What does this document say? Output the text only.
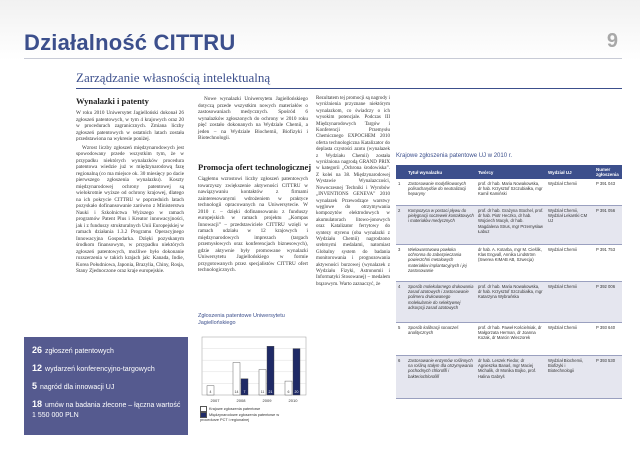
Działalność CITTRU	9
Zarządzanie własnością intelektualną
Wynalazki i patenty

W roku 2010 Uniwersytet Jagielloński dokonał 26 zgłoszeń patentowych, w tym 4 krajowych oraz 20 w procedurach zagranicznych. Zmiana liczby zgłoszeń patentowych w ostatnich latach została przedstawiona na wykresie poniżej.

Wzrost liczby zgłoszeń międzynarodowych jest spowodowany przede wszystkim tym, że w przypadku niektórych wynalazków procedura patentowa wiedzie już w międzynarodową fazę regionalną (co ma miejsce ok. 30 miesięcy po dacie pierwszego zgłoszenia wynalazku). Koszty międzynarodowej ochrony patentowej są wielokrotnie wyższe od ochrony krajowej, dlatego na ich pokrycie CITTRU w poprzednich latach pozyskało dofinansowanie zarówno z Ministerstwa Nauki i Szkolnictwa Wyższego w ramach programów Patent Plus i Kreator innowacyjności, jak i z funduszy strukturalnych Unii Europejskiej w ramach działania 1.3.2 Programu Operacyjnego Innowacyjna Gospodarka. Dzięki pozyskanym środkom finansowym, w przypadku niektórych zgłoszeń patentowych, możliwe było dokonanie rozszerzenia w takich krajach jak: Kanada, Indie, Korea Południowa, Japonia, Brazylia, Chiny, Rosja, Stany Zjednoczone oraz kraje europejskie.

Nowe wynalazki Uniwersytetu Jagiellońskiego dotyczą przede wszystkim nowych materiałów o zastosowaniach medycznych. Spośród 6 wynalazków zgłoszonych do ochrony w 2010 roku pięć zostało dokonanych na Wydziale Chemii, a jeden – na Wydziale Biochemii, Biofizyki i Biotechnologii.
Promocja ofert technologicznej
Ciągłemu wzrostowi liczby zgłoszeń patentowych towarzyszy zwiększenie aktywności CITTRU w nawiązywaniu kontaktów z firmami zainteresowanymi wdrożeniem w praktyce technologii opracowanych na Uniwersytecie. W 2010 r. – dzięki dofinansowaniu z funduszy europejskich w ramach projektu „Kompas Innowacji” – przedstawiciele CITTRU wzięli w ramach udziału w 12 krajowych i międzynarodowych imprezach (targach przemysłowych oraz konferencjach biznesowych), gdzie aktywnie były promowane wynalazki Uniwersytetu Jagiellońskiego w formie przygotowanych przez specjalistów CITTRU ofert technologicznych.
Rezultatem tej promocji są nagrody i wyróżnienia przyznane niektórym wynalazkom, co świadczy o ich wysokim potencjale. Podczas III Międzynarodowych Targów i Konferencji Przemysłu Chemicznego EXPOCHEM 2010 oferta technologiczna Katalizator do deplasta czystości azotu (wynalazek z Wydziału Chemii) została wyróżniona nagrodą GRAND PRIX w kategorii „Ochrona środowiska”. Z kolei na 38. Międzynarodowej Wystawie Wynalazczości, Nowoczesnej Techniki i Wyrobów „INVENTIONS GENEVA” 2010 wynalazek Przewodzące warstwy węglowe do otrzymywania kompozytów elektrodowych w akumulatorach litowo-jonowych oraz Katalizator ferrytowy do syntezy styrenu (oba wynalazki z Wydziału Chemii) nagrodzono srebrnymi medalami, natomiast Globalny system do badania monitorowania i prognozowania aktywności burzowej (wynalazek z Wydziału Fizyki, Astronomii i Informatyki Stosowanej) – medalem brązowym. Warto zaznaczyć, że
26 zgłoszeń patentowych
12 wydarzeń konferencyjno-targowych
5 nagród dla innowacji UJ
18 umów na badania zlecone – łączna wartość 1 550 000 PLN
Zgłoszenia patentowe Uniwersytetu Jagiellońskiego
4 0
2007
14 7
2008
11 21
2009
6 20
2010
Krajowe zgłoszenia patentowe
Międzynarodowe zgłoszenia patentowe w procedurze PCT i regionalnej
Krajowe zgłoszenia patentowe UJ w 2010 r.
	Tytuł wynalazku	Twórcy	Wydział UJ	Numer zgłoszenia
1	Zastosowanie modyfikowanych polisacharydów do neutralizacji heparyny	prof. dr hab. Maria Nowakowska, dr hab. Krzysztof Szczubiałka, mgr Kamil Kamiński	Wydział Chemii	P 391 043
2	Kompozyca w postaci pływu do pielęgnacji soczewek kontaktowych i materiałów medycznych	prof. dr hab. Grażyna Stochel, prof. dr hab. Piotr Heczko, dr hab. Wojciech Macyk, dr hab. Magdalena Strus, mgr Przemysław Łabuz	Wydział Chemii, Wydział Lekarski CM UJ	P 391 056
3	Wielowarstwowa powłoka ochronna do zabezpieczania powierzchni metalowych materiałów implantacyjnych i jej zastosowanie	dr hab. A. Kotarba, mgr M. Cieślik, Klas Engvall, Annika Lindström (Swerea KIMAB AB, Szwecja)	Wydział Chemii	P 391 753
4	Sposób molekularnego drukowania zasad azotowych i zastosowanie polimeru drukowanego molekularnie do selektywnej adsorpcji zasad azotowych	prof. dr hab. Maria Nowakowska, dr hab. Krzysztof Szczubiałka, mgr Katarzyna Wybrańska	Wydział Chemii	P 392 006
5	Sposób kalibracji sonacześ analitycznych	prof. dr hab. Paweł Kościelniak, dr Małgorzata Herman, dr Joanna Kozak, dr Marcin Wieczorek	Wydział Chemii	P 393 640
6	Zastosowanie enzymów roślinnych na rośliną stałym dla otrzymywania pochodnych chloroflli i bakteriochlorofilli	dr hab. Leszek Fiedor, dr Agnieszka Banaś, mgr Maciej Michalik, dr Monika Bojko, prof. Halina Gabryś	Wydział Biochemii, Biofizyki i Biotechnologii	P 393 530
